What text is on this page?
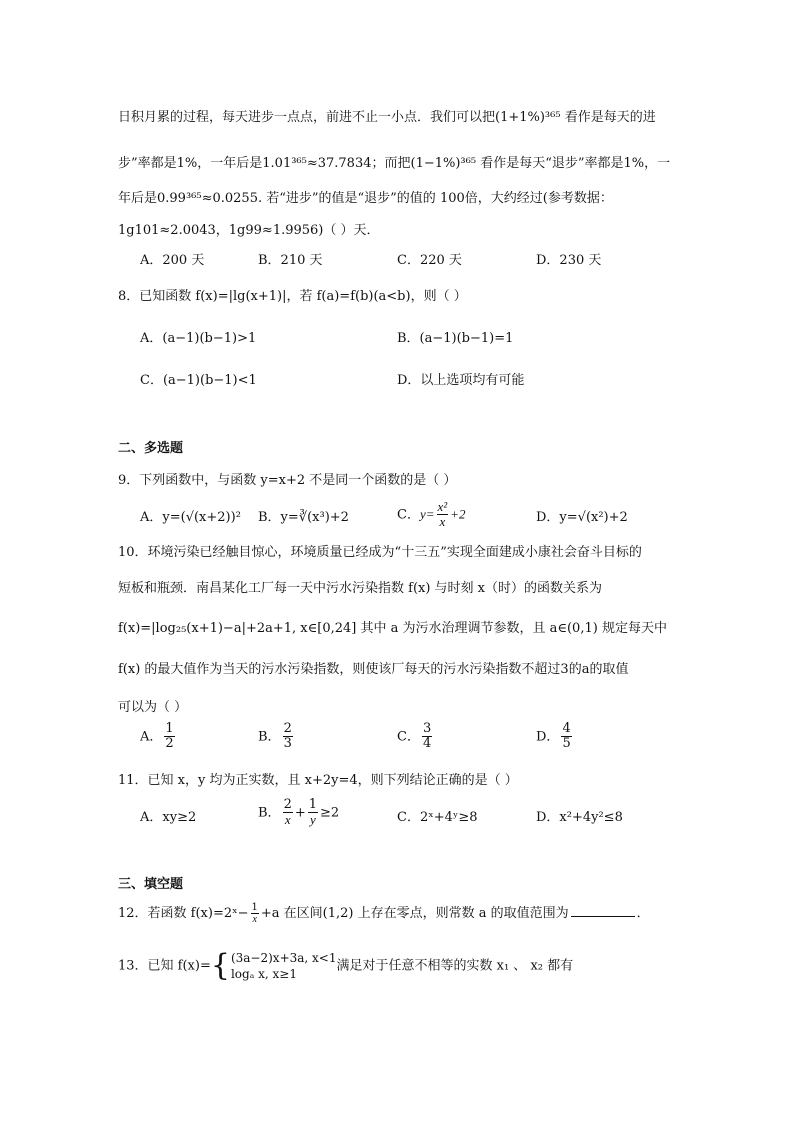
日积月累的过程，每天进步一点点，前进不止一小点．我们可以把(1+1%)³⁶⁵ 看作是每天的进
步”率都是1%，一年后是1.01³⁶⁵≈37.7834；而把(1−1%)³⁶⁵ 看作是每天“退步”率都是1%，一
年后是0.99³⁶⁵≈0.0255. 若“进步”的值是“退步”的值的 100倍，大约经过(参考数据：
1g101≈2.0043，1g99≈1.9956)（ ）天．
A．200 天	B．210 天	C．220 天	D．230 天
8．已知函数 f(x)=|lg(x+1)|，若 f(a)=f(b)(a<b)，则（ ）
A．(a−1)(b−1)>1	B．(a−1)(b−1)=1
C．(a−1)(b−1)<1	D．以上选项均有可能
二、多选题
9．下列函数中，与函数 y=x+2 不是同一个函数的是（ ）
A．y=(√(x+2))² B．y=∛(x³)+2	C．$y= \frac{\text{x²}}{x} +2$	D．y=√(x²)+2
10．环境污染已经触目惊心，环境质量已经成为“十三五”实现全面建成小康社会奋斗目标的
短板和瓶颈．南昌某化工厂每一天中污水污染指数 f(x) 与时刻 x（时）的函数关系为
f(x)=|log₂₅(x+1)−a|+2a+1, x∈[0,24] 其中 a 为污水治理调节参数，且 a∈(0,1) 规定每天中
f(x) 的最大值作为当天的污水污染指数，则使该厂每天的污水污染指数不超过3的a的取值
可以为（ ）
A． $\frac{1}{2}$	B． $\frac{2}{3}$	C． $\frac{3}{4}$	D． $\frac{4}{5}$
11．已知 x，y 均为正实数，且 x+2y=4，则下列结论正确的是（ ）
A．xy≥2	B． $\frac{2}{x} + \frac{1}{y} \ge 2$	C．2ˣ+4ʸ≥8	D．x²+4y²≤8
三、填空题
12．若函数 f(x)=2ˣ− $\frac{1}{x} +a$ 在区间(1,2) 上存在零点，则常数 a 的取值范围为	．
13．已知 f(x)={ (3a−2)x+3a, x<1
logₐ x, x≥1
满足对于任意不相等的实数 x₁ 、 x₂ 都有
